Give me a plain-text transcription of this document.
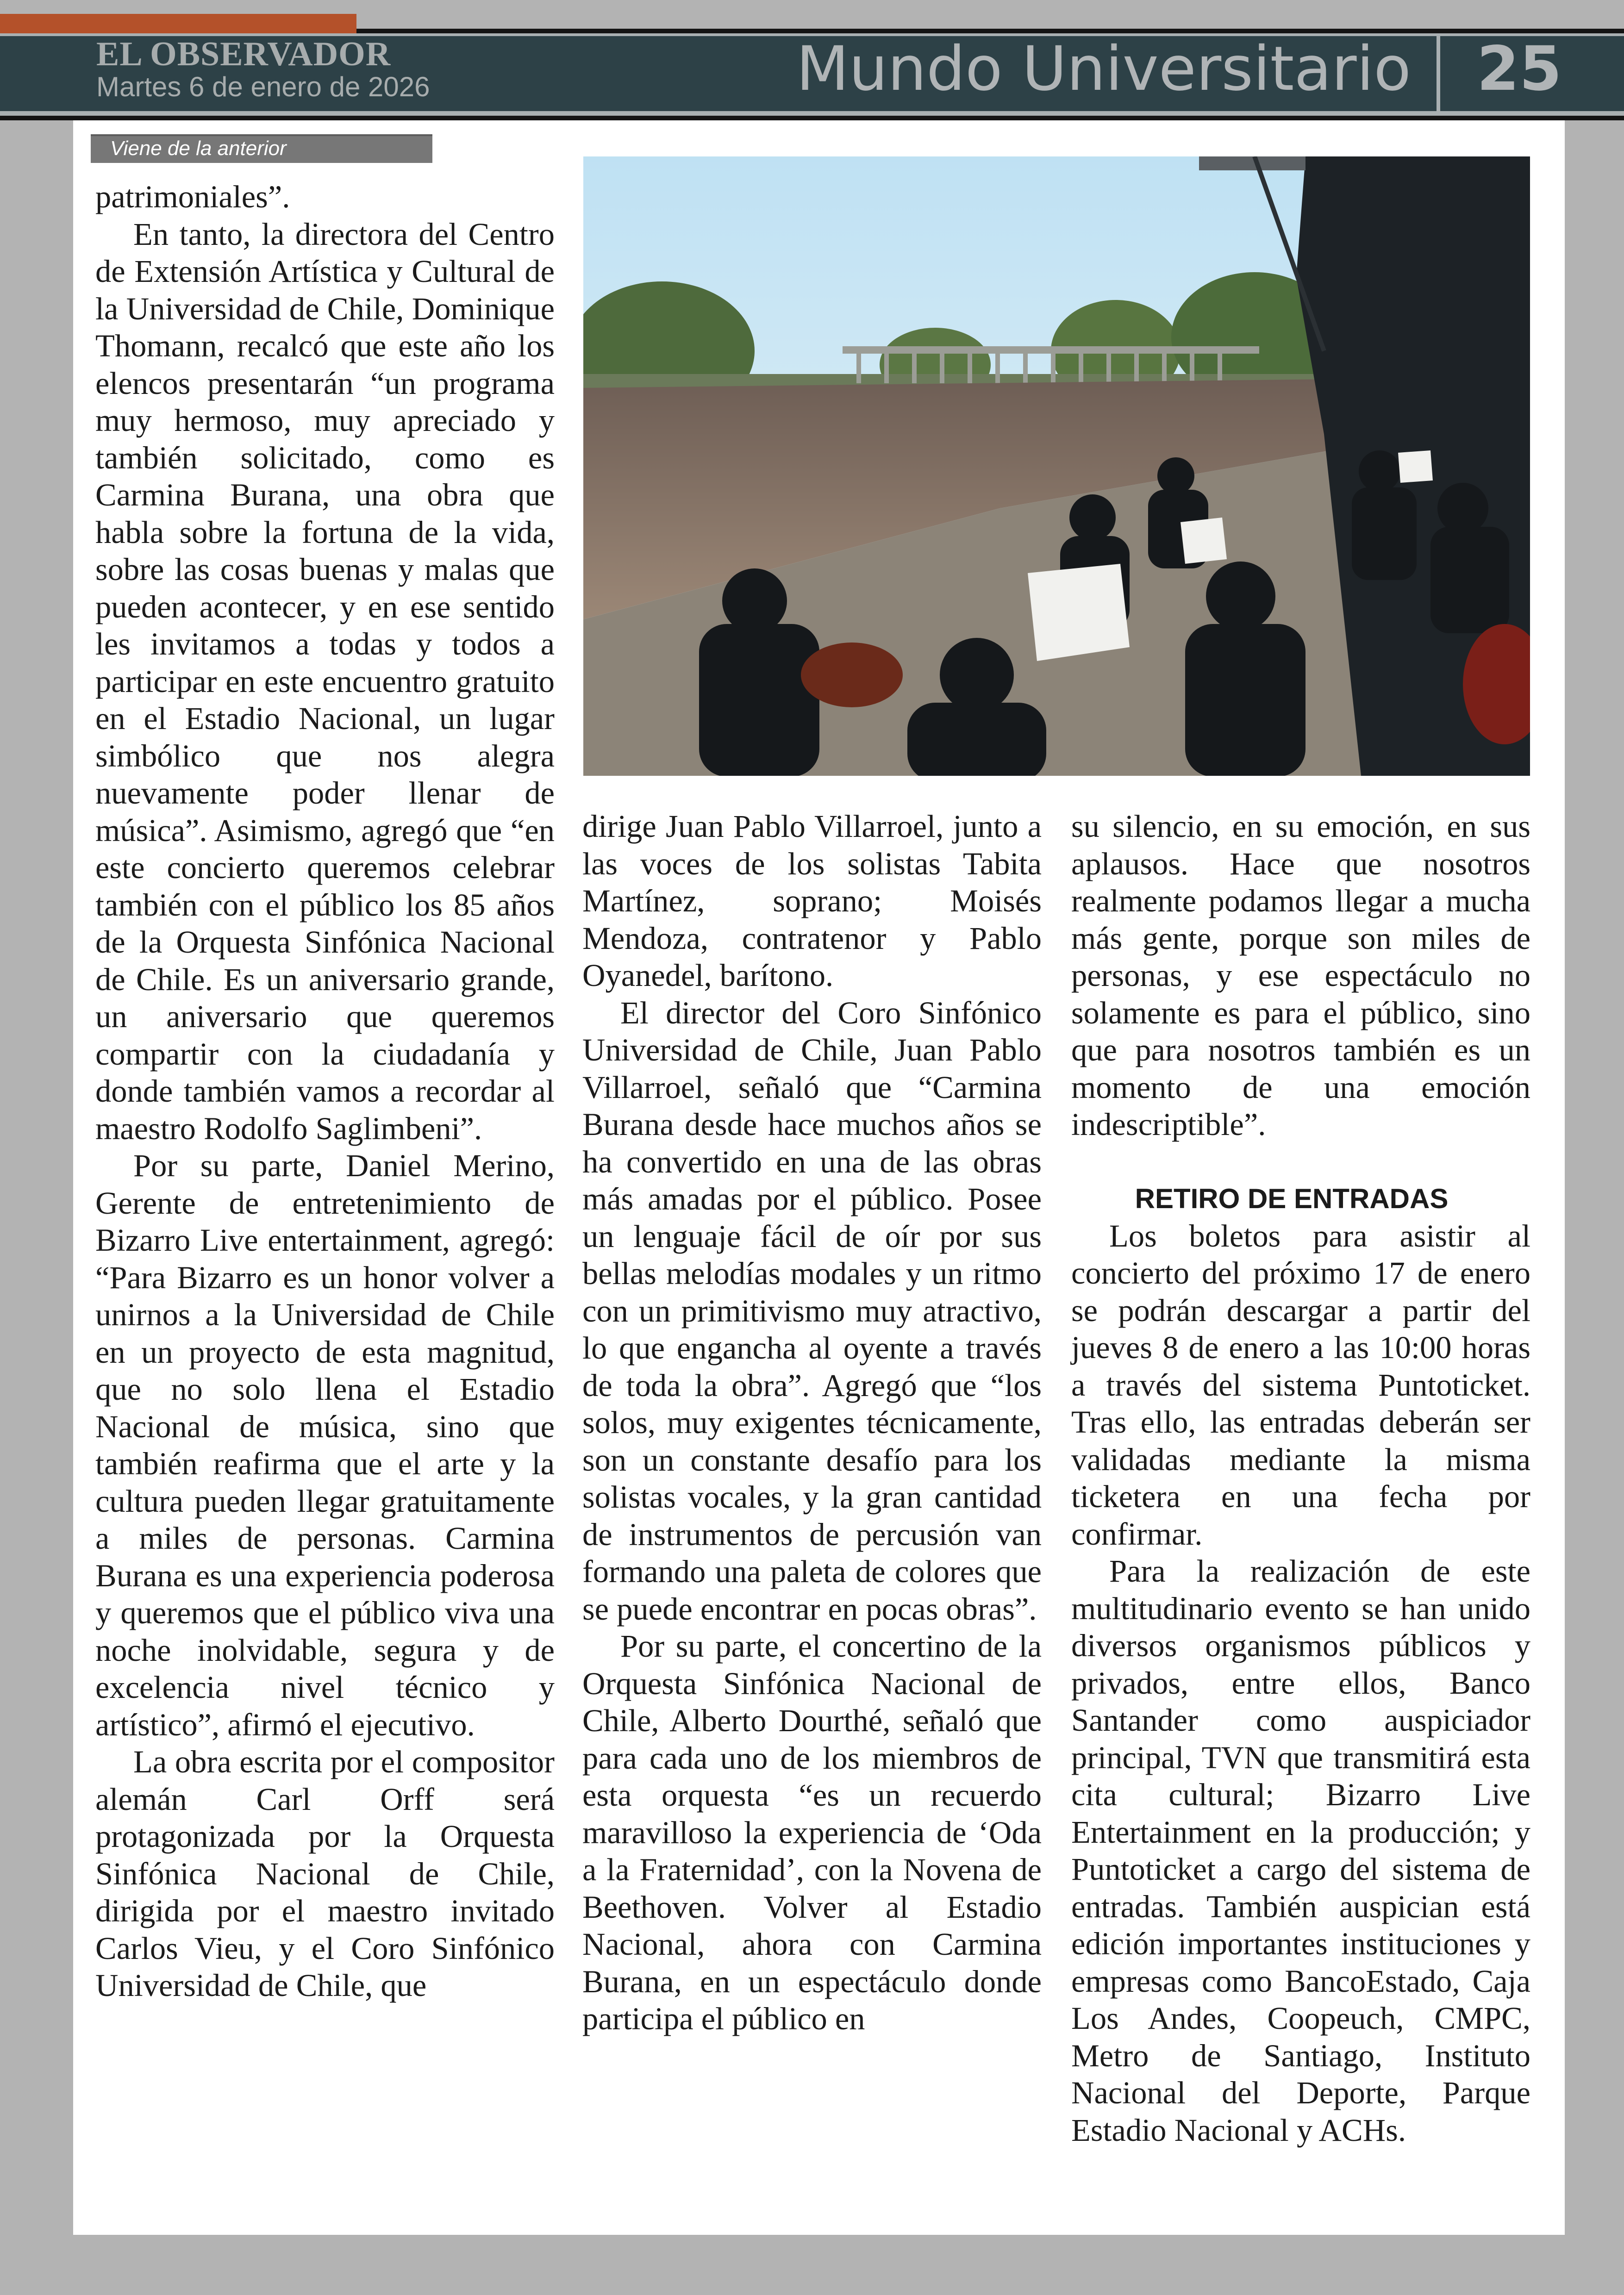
EL OBSERVADOR
Martes 6 de enero de 2026	Mundo Universitario 25
Viene de la anterior

patrimoniales”.

En tanto, la directora del Centro de Extensión Artística y Cultural de la Universidad de Chile, Dominique Thomann, recalcó que este año los elencos presentarán “un programa muy hermoso, muy apreciado y también solicitado, como es Carmina Burana, una obra que habla sobre la fortuna de la vida, sobre las cosas buenas y malas que pueden acontecer, y en ese sentido les invitamos a todas y todos a participar en este encuentro gratuito en el Estadio Nacional, un lugar simbólico que nos alegra nuevamente poder llenar de música”. Asimismo, agregó que “en este concierto queremos celebrar también con el público los 85 años de la Orquesta Sinfónica Nacional de Chile. Es un aniversario grande, un aniversario que queremos compartir con la ciudadanía y donde también vamos a recordar al maestro Rodolfo Saglimbeni”.

Por su parte, Daniel Merino, Gerente de entretenimiento de Bizarro Live entertainment, agregó: “Para Bizarro es un honor volver a unirnos a la Universidad de Chile en un proyecto de esta magnitud, que no solo llena el Estadio Nacional de música, sino que también reafirma que el arte y la cultura pueden llegar gratuitamente a miles de personas. Carmina Burana es una experiencia poderosa y queremos que el público viva una noche inolvidable, segura y de excelencia nivel técnico y artístico”, afirmó el ejecutivo.

La obra escrita por el compositor alemán Carl Orff será protagonizada por la Orquesta Sinfónica Nacional de Chile, dirigida por el maestro invitado Carlos Vieu, y el Coro Sinfónico Universidad de Chile, que

dirige Juan Pablo Villarroel, junto a las voces de los solistas Tabita Martínez, soprano; Moisés Mendoza, contratenor y Pablo Oyanedel, barítono.

El director del Coro Sinfónico Universidad de Chile, Juan Pablo Villarroel, señaló que “Carmina Burana desde hace muchos años se ha convertido en una de las obras más amadas por el público. Posee un lenguaje fácil de oír por sus bellas melodías modales y un ritmo con un primitivismo muy atractivo, lo que engancha al oyente a través de toda la obra”. Agregó que “los solos, muy exigentes técnicamente, son un constante desafío para los solistas vocales, y la gran cantidad de instrumentos de percusión van formando una paleta de colores que se puede encontrar en pocas obras”.

Por su parte, el concertino de la Orquesta Sinfónica Nacional de Chile, Alberto Dourthé, señaló que para cada uno de los miembros de esta orquesta “es un recuerdo maravilloso la experiencia de ‘Oda a la Fraternidad’, con la Novena de Beethoven. Volver al Estadio Nacional, ahora con Carmina Burana, en un espectáculo donde participa el público en

su silencio, en su emoción, en sus aplausos. Hace que nosotros realmente podamos llegar a mucha más gente, porque son miles de personas, y ese espectáculo no solamente es para el público, sino que para nosotros también es un momento de una emoción indescriptible”.

RETIRO DE ENTRADAS

Los boletos para asistir al concierto del próximo 17 de enero se podrán descargar a partir del jueves 8 de enero a las 10:00 horas a través del sistema Puntoticket. Tras ello, las entradas deberán ser validadas mediante la misma ticketera en una fecha por confirmar.

Para la realización de este multitudinario evento se han unido diversos organismos públicos y privados, entre ellos, Banco Santander como auspiciador principal, TVN que transmitirá esta cita cultural; Bizarro Live Entertainment en la producción; y Puntoticket a cargo del sistema de entradas. También auspician está edición importantes instituciones y empresas como BancoEstado, Caja Los Andes, Coopeuch, CMPC, Metro de Santiago, Instituto Nacional del Deporte, Parque Estadio Nacional y ACHs.
